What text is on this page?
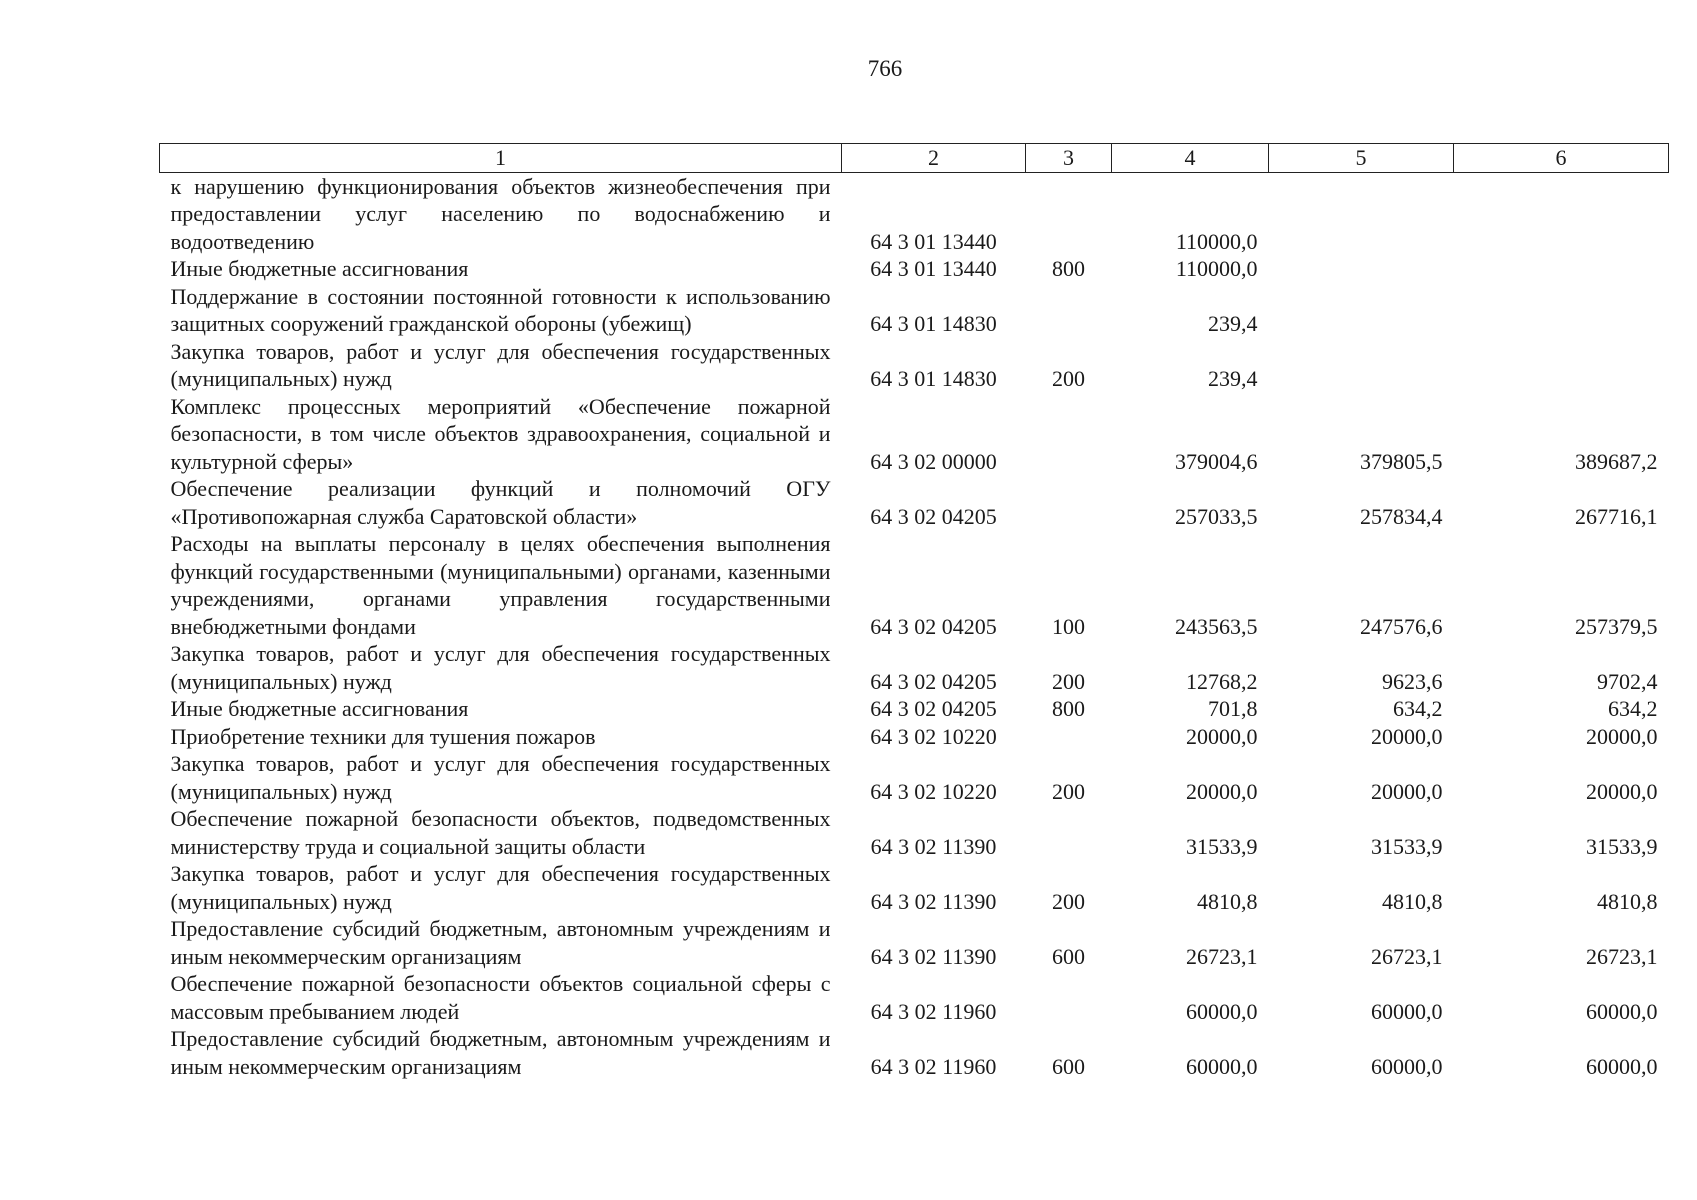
766
1	2	3	4	5	6
к нарушению функционирования объектов жизнеобеспечения при предоставлении услуг населению по водоснабжению и водоотведению	64 3 01 13440		110000,0		
Иные бюджетные ассигнования	64 3 01 13440	800	110000,0		
Поддержание в состоянии постоянной готовности к использованию защитных сооружений гражданской обороны (убежищ)	64 3 01 14830		239,4		
Закупка товаров, работ и услуг для обеспечения государственных (муниципальных) нужд	64 3 01 14830	200	239,4		
Комплекс процессных мероприятий «Обеспечение пожарной безопасности, в том числе объектов здравоохранения, социальной и культурной сферы»	64 3 02 00000		379004,6	379805,5	389687,2
Обеспечение реализации функций и полномочий ОГУ «Противопожарная служба Саратовской области»	64 3 02 04205		257033,5	257834,4	267716,1
Расходы на выплаты персоналу в целях обеспечения выполнения функций государственными (муниципальными) органами, казенными учреждениями, органами управления государственными внебюджетными фондами	64 3 02 04205	100	243563,5	247576,6	257379,5
Закупка товаров, работ и услуг для обеспечения государственных (муниципальных) нужд	64 3 02 04205	200	12768,2	9623,6	9702,4
Иные бюджетные ассигнования	64 3 02 04205	800	701,8	634,2	634,2
Приобретение техники для тушения пожаров	64 3 02 10220		20000,0	20000,0	20000,0
Закупка товаров, работ и услуг для обеспечения государственных (муниципальных) нужд	64 3 02 10220	200	20000,0	20000,0	20000,0
Обеспечение пожарной безопасности объектов, подведомственных министерству труда и социальной защиты области	64 3 02 11390		31533,9	31533,9	31533,9
Закупка товаров, работ и услуг для обеспечения государственных (муниципальных) нужд	64 3 02 11390	200	4810,8	4810,8	4810,8
Предоставление субсидий бюджетным, автономным учреждениям и иным некоммерческим организациям	64 3 02 11390	600	26723,1	26723,1	26723,1
Обеспечение пожарной безопасности объектов социальной сферы с массовым пребыванием людей	64 3 02 11960		60000,0	60000,0	60000,0
Предоставление субсидий бюджетным, автономным учреждениям и иным некоммерческим организациям	64 3 02 11960	600	60000,0	60000,0	60000,0
